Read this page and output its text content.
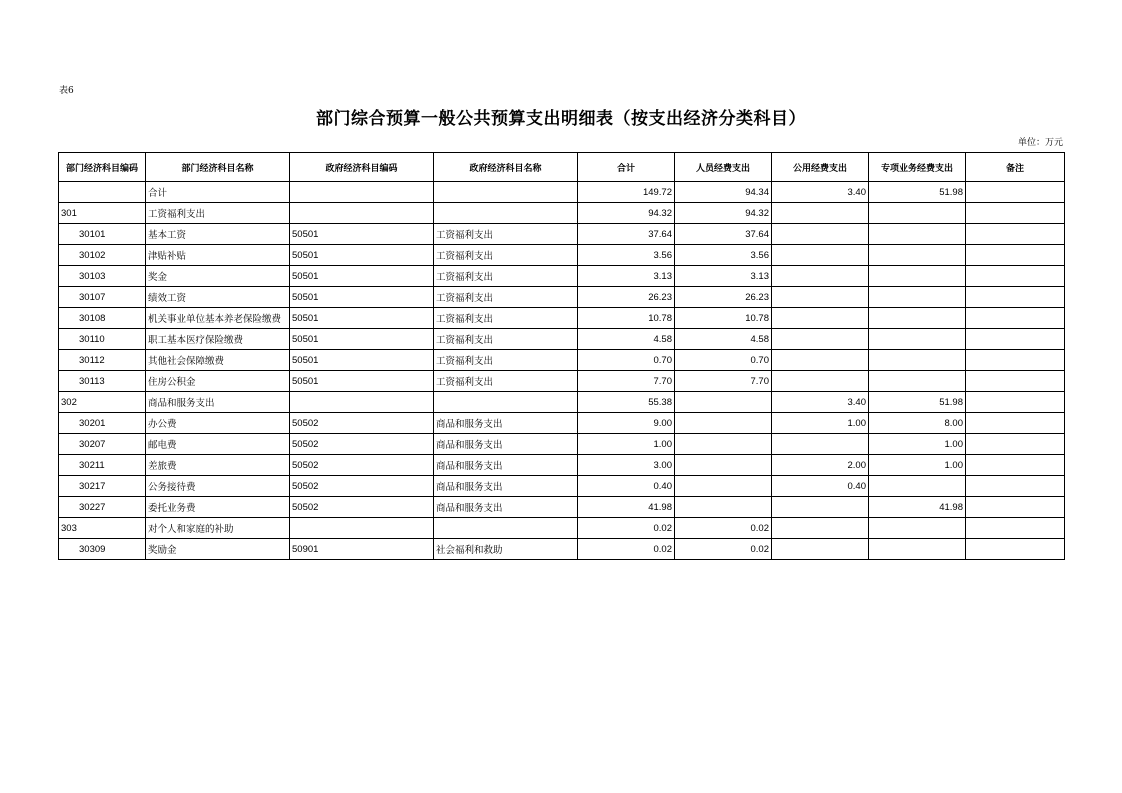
表6
部门综合预算一般公共预算支出明细表（按支出经济分类科目）
单位：万元
部门经济科目编码	部门经济科目名称	政府经济科目编码	政府经济科目名称	合计	人员经费支出	公用经费支出	专项业务经费支出	备注
	合计			149.72	94.34	3.40	51.98	
301	工资福利支出			94.32	94.32			
30101	基本工资	50501	工资福利支出	37.64	37.64			
30102	津贴补贴	50501	工资福利支出	3.56	3.56			
30103	奖金	50501	工资福利支出	3.13	3.13			
30107	绩效工资	50501	工资福利支出	26.23	26.23			
30108	机关事业单位基本养老保险缴费	50501	工资福利支出	10.78	10.78			
30110	职工基本医疗保险缴费	50501	工资福利支出	4.58	4.58			
30112	其他社会保障缴费	50501	工资福利支出	0.70	0.70			
30113	住房公积金	50501	工资福利支出	7.70	7.70			
302	商品和服务支出			55.38		3.40	51.98	
30201	办公费	50502	商品和服务支出	9.00		1.00	8.00	
30207	邮电费	50502	商品和服务支出	1.00			1.00	
30211	差旅费	50502	商品和服务支出	3.00		2.00	1.00	
30217	公务接待费	50502	商品和服务支出	0.40		0.40		
30227	委托业务费	50502	商品和服务支出	41.98			41.98	
303	对个人和家庭的补助			0.02	0.02			
30309	奖励金	50901	社会福利和救助	0.02	0.02			
